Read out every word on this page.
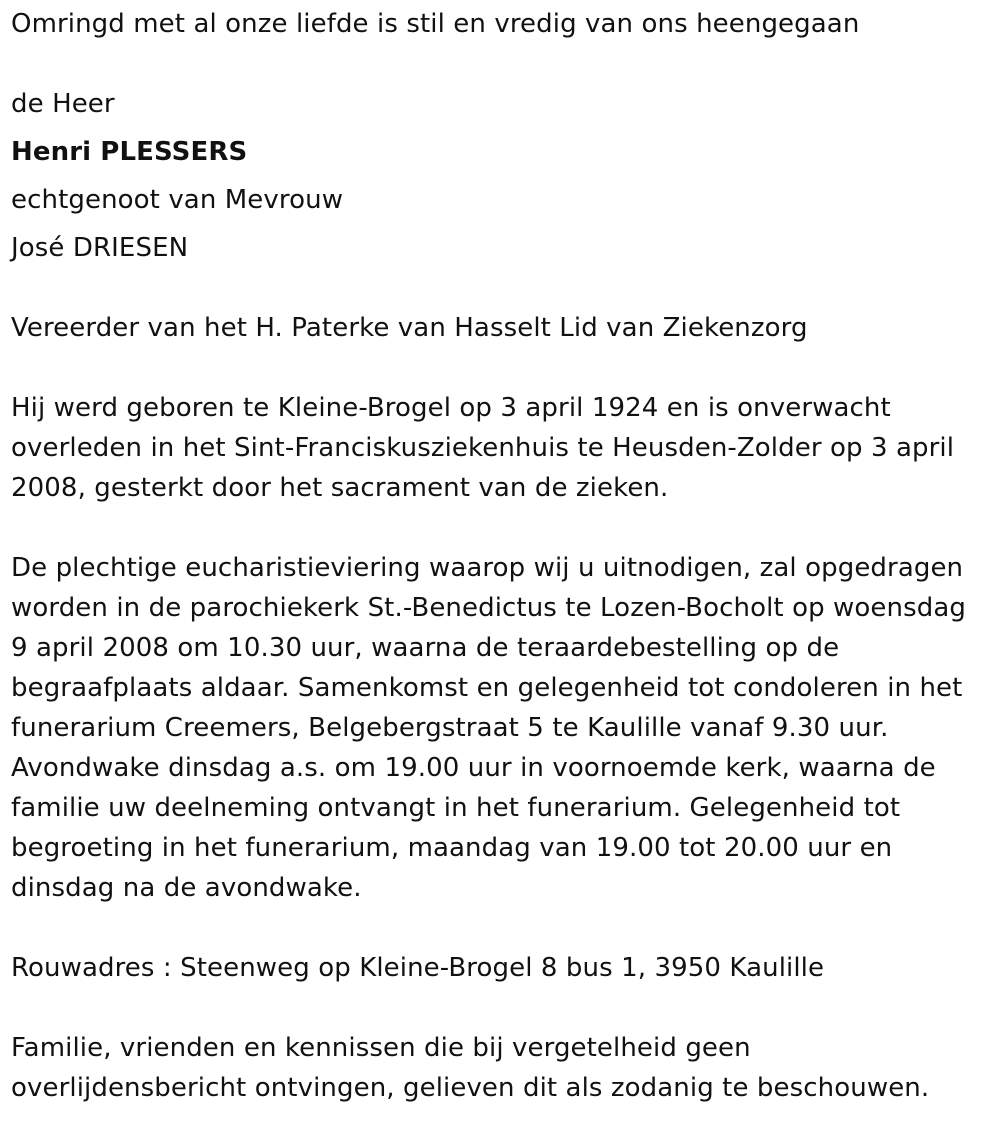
Omringd met al onze liefde is stil en vredig van ons heengegaan

de Heer

Henri PLESSERS

echtgenoot van Mevrouw

José DRIESEN

Vereerder van het H. Paterke van Hasselt Lid van Ziekenzorg

Hij werd geboren te Kleine-Brogel op 3 april 1924 en is onverwacht
overleden in het Sint-Franciskusziekenhuis te Heusden-Zolder op 3 april
2008, gesterkt door het sacrament van de zieken.
De plechtige eucharistieviering waarop wij u uitnodigen, zal opgedragen
worden in de parochiekerk St.-Benedictus te Lozen-Bocholt op woensdag
9 april 2008 om 10.30 uur, waarna de teraardebestelling op de
begraafplaats aldaar. Samenkomst en gelegenheid tot condoleren in het
funerarium Creemers, Belgebergstraat 5 te Kaulille vanaf 9.30 uur.
Avondwake dinsdag a.s. om 19.00 uur in voornoemde kerk, waarna de
familie uw deelneming ontvangt in het funerarium. Gelegenheid tot
begroeting in het funerarium, maandag van 19.00 tot 20.00 uur en
dinsdag na de avondwake.

Rouwadres : Steenweg op Kleine-Brogel 8 bus 1, 3950 Kaulille

Familie, vrienden en kennissen die bij vergetelheid geen
overlijdensbericht ontvingen, gelieven dit als zodanig te beschouwen.
